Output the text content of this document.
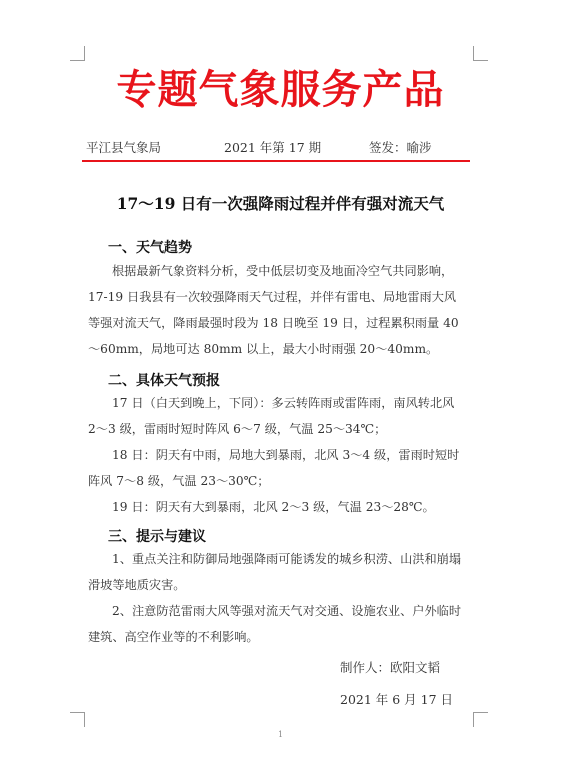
专题气象服务产品
平江县气象局	2021 年第 17 期	签发：喻涉
17～19 日有一次强降雨过程并伴有强对流天气
一、天气趋势

根据最新气象资料分析，受中低层切变及地面冷空气共同影响，17-19 日我县有一次较强降雨天气过程，并伴有雷电、局地雷雨大风等强对流天气，降雨最强时段为 18 日晚至 19 日，过程累积雨量 40～60mm，局地可达 80mm 以上，最大小时雨强 20～40mm。

二、具体天气预报

17 日（白天到晚上，下同）：多云转阵雨或雷阵雨，南风转北风 2～3 级，雷雨时短时阵风 6～7 级，气温 25～34℃；

18 日：阴天有中雨，局地大到暴雨，北风 3～4 级，雷雨时短时阵风 7～8 级，气温 23～30℃；

19 日：阴天有大到暴雨，北风 2～3 级，气温 23～28℃。

三、提示与建议

1、重点关注和防御局地强降雨可能诱发的城乡积涝、山洪和崩塌滑坡等地质灾害。

2、注意防范雷雨大风等强对流天气对交通、设施农业、户外临时建筑、高空作业等的不利影响。

制作人：欧阳文韬
2021 年 6 月 17 日
1
